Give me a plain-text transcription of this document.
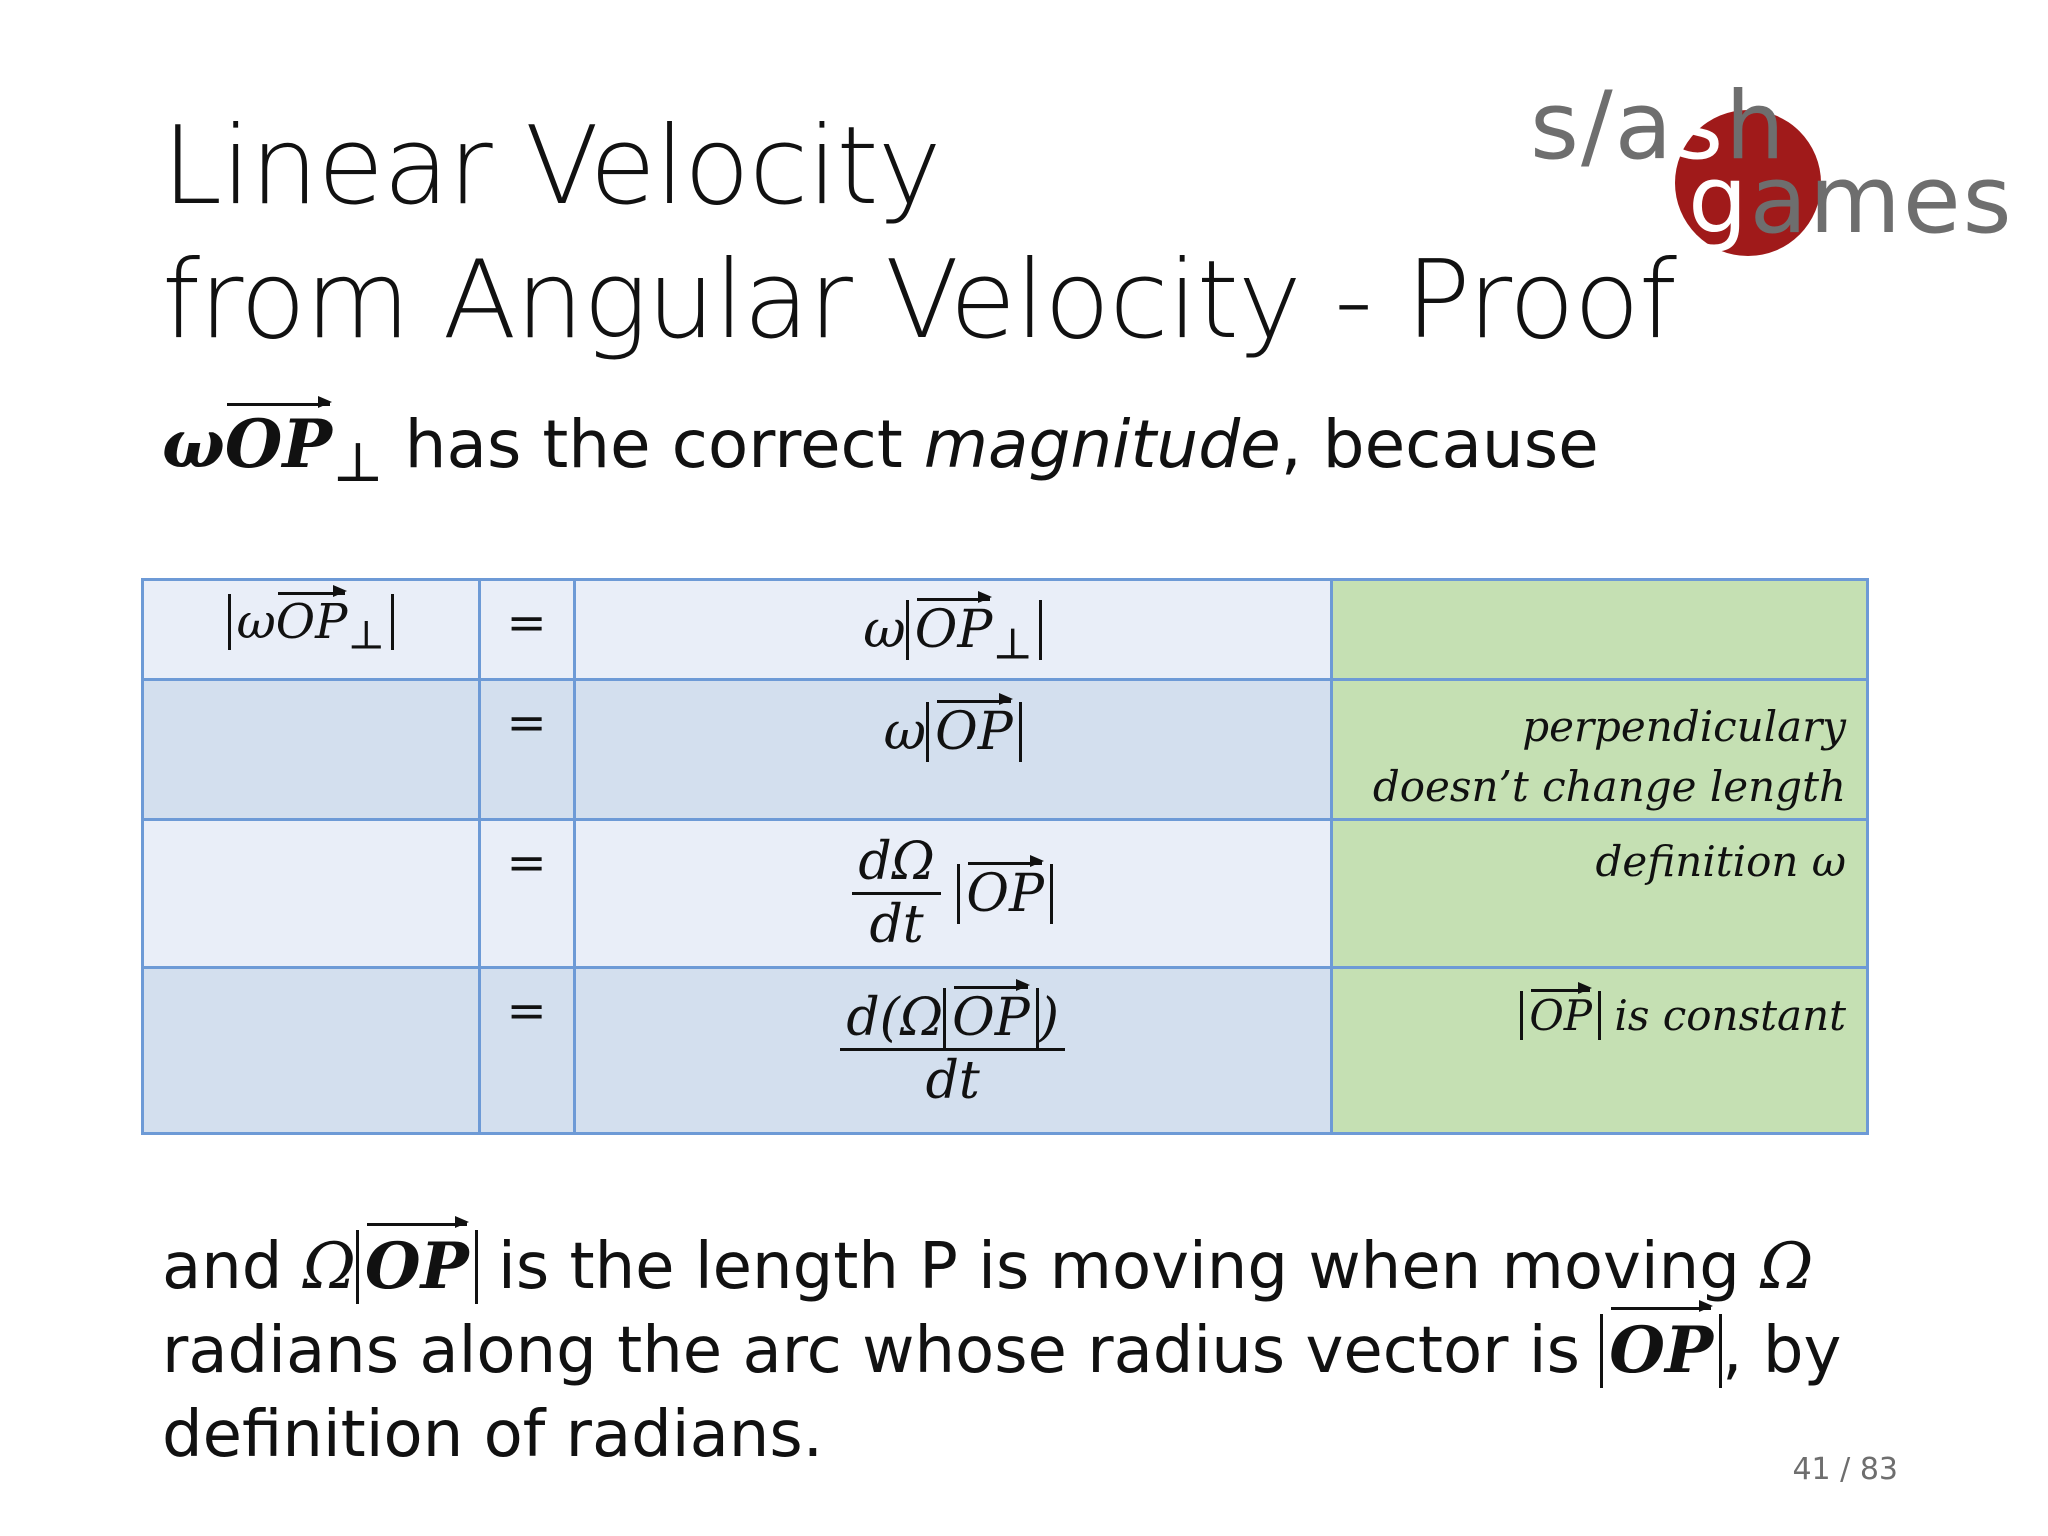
Linear Velocity
from Angular Velocity - Proof
s/ash
games
ωOP$_\perp$ has the correct magnitude, because
ωOP$_\perp$	=	ω $OP_\perp$

	=	ω OP	perpendiculary
doesn’t change length

	=	$\frac{d\Omega}{dt}$ OP	definition ω

	=	$\frac{\text{d(Ω OP )}}{dt}$	OP is constant
and Ω OP is the length P is moving when moving Ω
radians along the arc whose radius vector is OP , by
definition of radians.	41 / 83
